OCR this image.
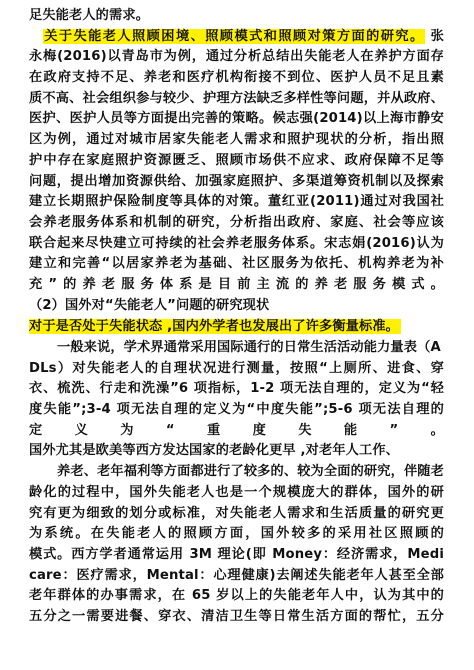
足失能老人的需求。
关于失能老人照顾困境、照顾模式和照顾对策方面的研究。 张
永梅(2016)以青岛市为例，通过分析总结出失能老人在养护方面存
在政府支持不足、养老和医疗机构衔接不到位、医护人员不足且素
质不高、社会组织参与较少、护理方法缺乏多样性等问题，并从政府、
医护、医护人员等方面提出完善的策略。候志强(2014)以上海市静安
区为例，通过对城市居家失能老人需求和照护现状的分析，指出照
护中存在家庭照护资源匮乏、照顾市场供不应求、政府保障不足等
问题，提出增加资源供给、加强家庭照护、多渠道筹资机制以及探索
建立长期照护保险制度等具体的对策。董红亚(2011)通过对我国社
会养老服务体系和机制的研究，分析指出政府、家庭、社会等应该
联合起来尽快建立可持续的社会养老服务体系。宋志娟(2016)认为
建立和完善“以居家养老为基础、社区服务为依托、机构养老为补
充”的养老服务体系是目前主流的养老服务模式。
（2）国外对“失能老人”问题的研究现状
对于是否处于失能状态 ,国内外学者也发展出了许多衡量标准。
一般来说，学术界通常采用国际通行的日常生活活动能力量表（A
DLs）对失能老人的自理状况进行测量，按照“上厕所、进食、穿
衣、梳洗、行走和洗澡”6 项指标，1-2 项无法自理的，定义为“轻
度失能”;3-4 项无法自理的定义为“中度失能”;5-6 项无法自理的
定义为“重度失能”。
国外尤其是欧美等西方发达国家的老龄化更早 ,对老年人工作、
养老、老年福利等方面都进行了较多的、较为全面的研究，伴随老
龄化的过程中，国外失能老人也是一个规模庞大的群体，国外的研
究有更为细致的划分或标准，对失能老人需求和生活质量的研究更
为系统。在失能老人的照顾方面，国外较多的采用社区照顾的
模式。西方学者通常运用 3M 理论(即 Money：经济需求，Medi
care：医疗需求，Mental：心理健康)去阐述失能老年人甚至全部
老年群体的办事需求，在 65 岁以上的失能老年人中，认为其中的
五分之一需要进餐、穿衣、清洁卫生等日常生活方面的帮忙，五分
